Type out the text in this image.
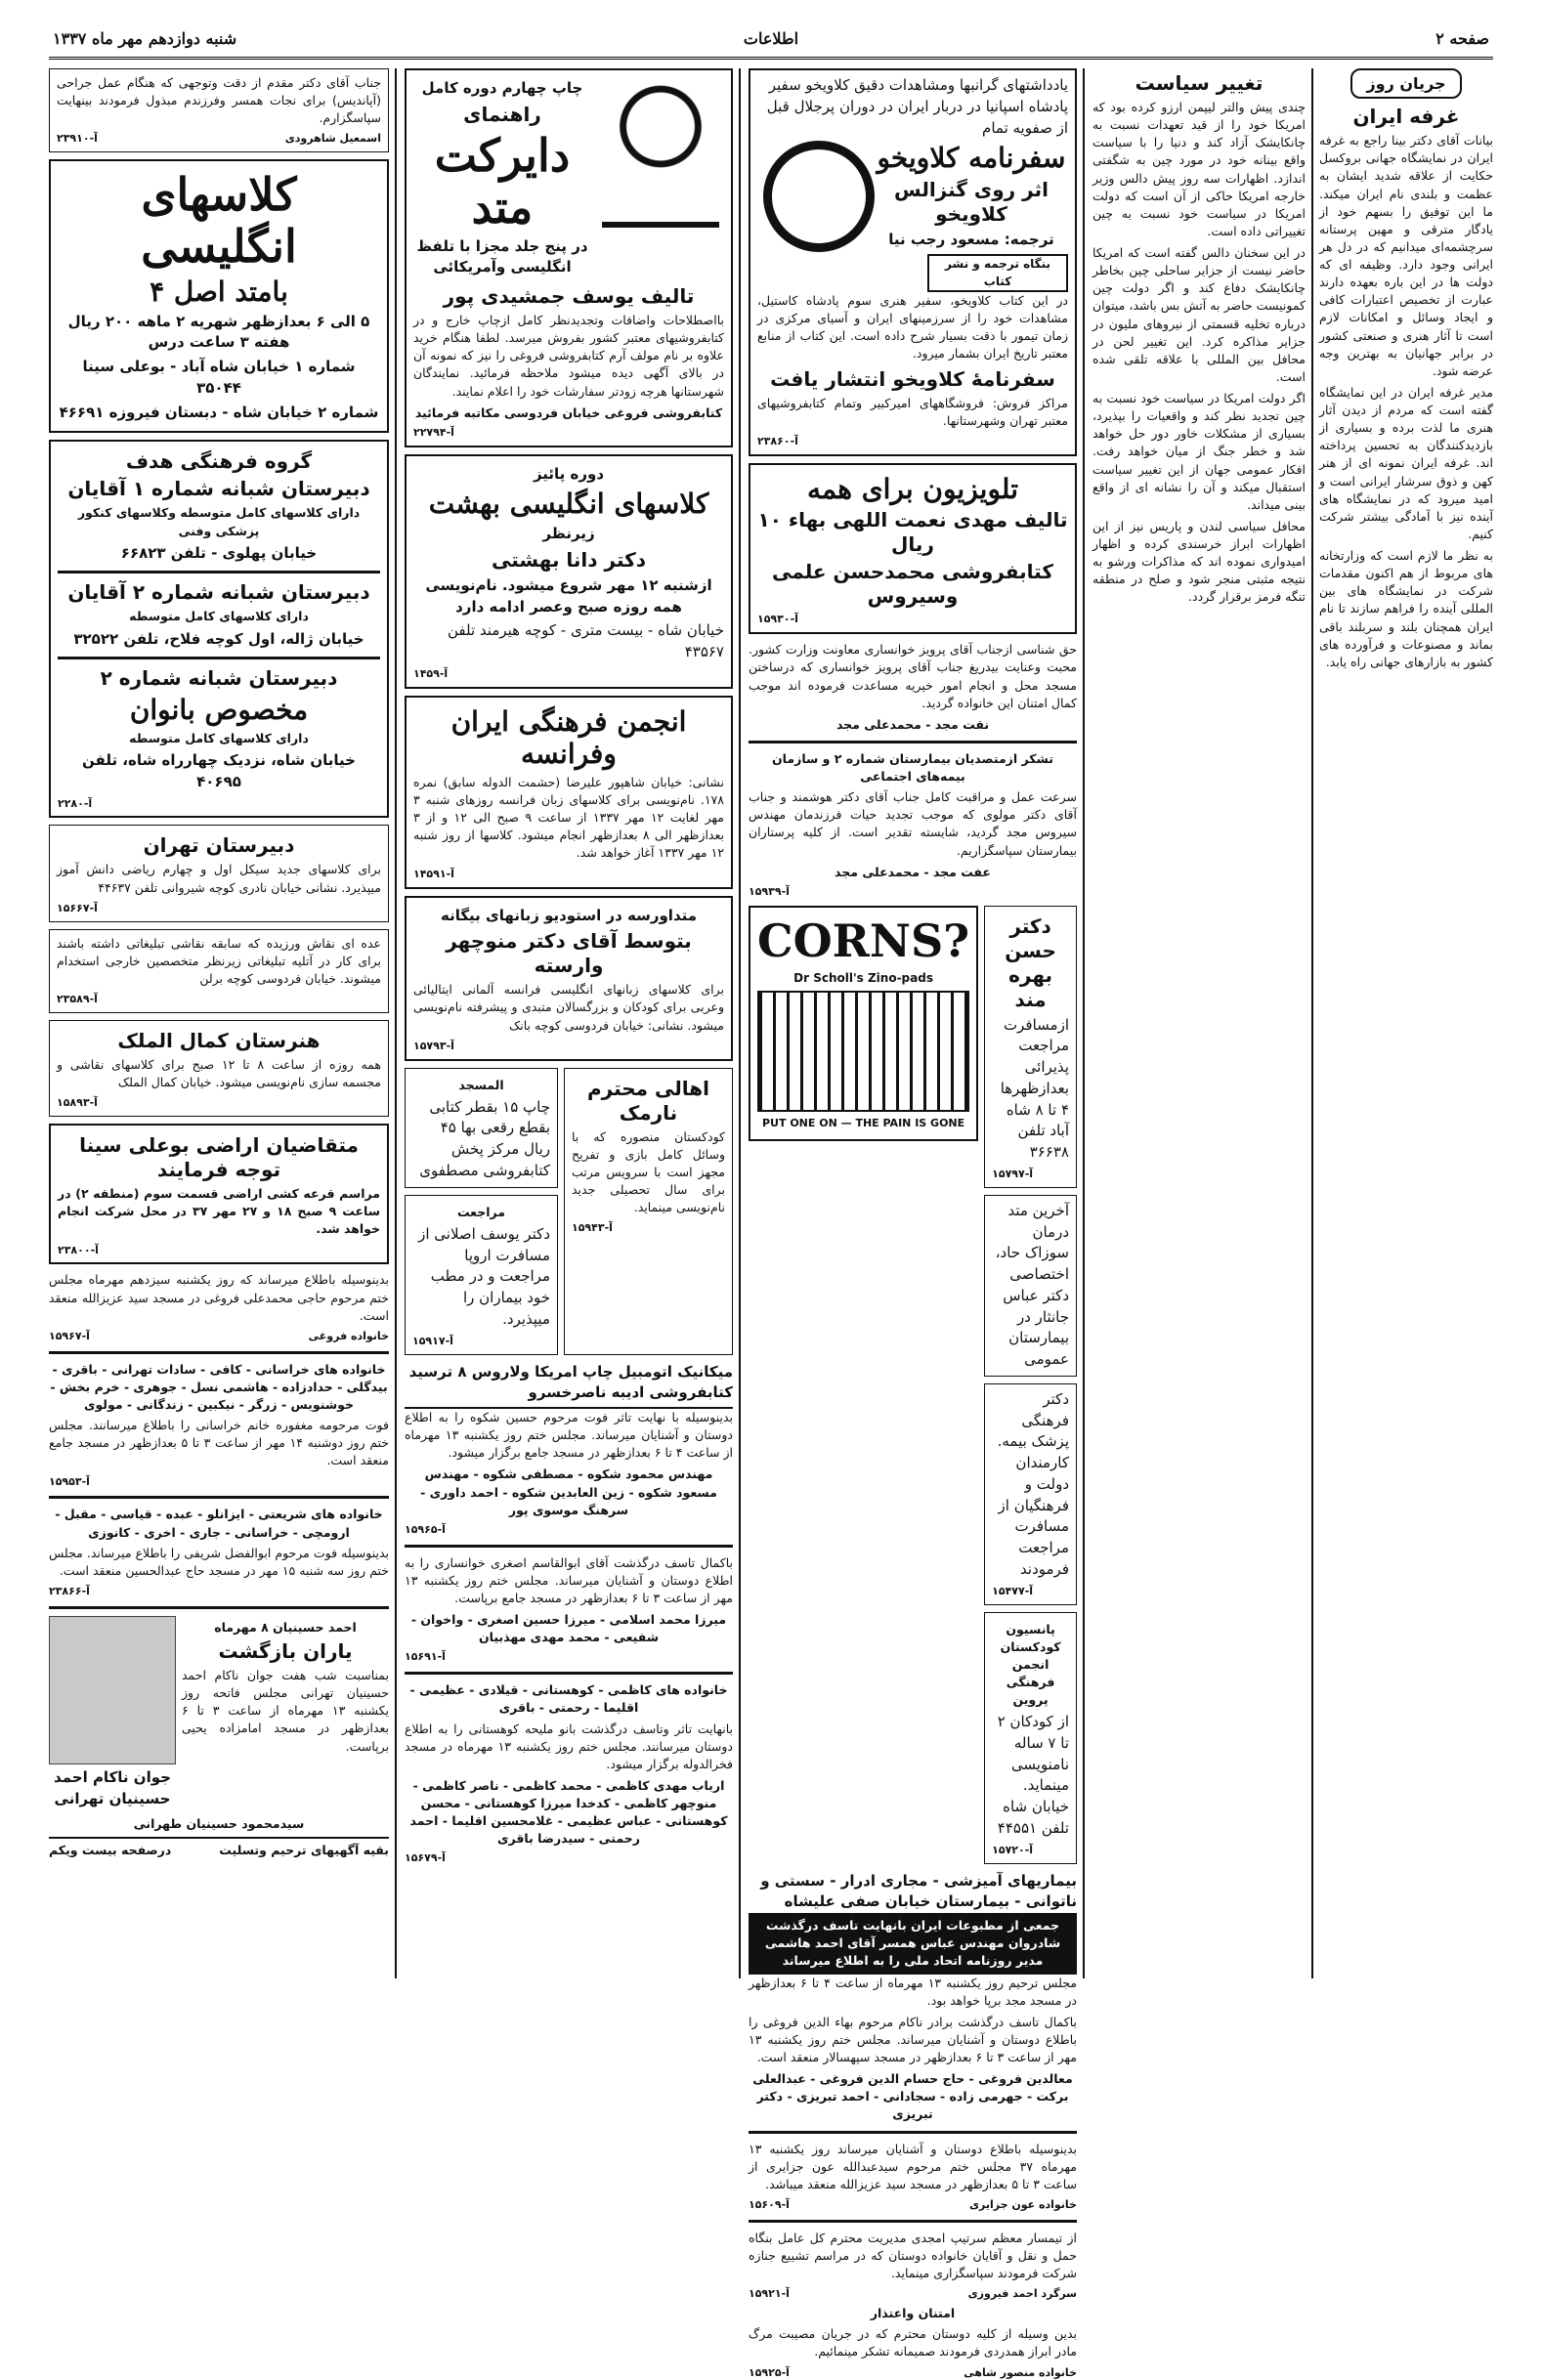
صفحه ۲
اطلاعات
شنبه دوازدهم مهر ماه ۱۳۳۷
جریان روز
غرفه ایران

بیانات آقای دکتر بینا راجع به غرفه ایران در نمایشگاه جهانی بروکسل حکایت از علاقه شدید ایشان به عظمت و بلندی نام ایران میکند. ما این توفیق را بسهم خود از یادگار مترقی و مهین پرستانه سرچشمه‌ای میدانیم که در دل هر ایرانی وجود دارد. وظیفه ای که دولت ها در این باره بعهده دارند عبارت از تخصیص اعتبارات کافی و ایجاد وسائل و امکانات لازم است تا آثار هنری و صنعتی کشور در برابر جهانیان به بهترین وجه عرضه شود.

مدیر غرفه ایران در این نمایشگاه گفته است که مردم از دیدن آثار هنری ما لذت برده و بسیاری از بازدیدکنندگان به تحسین پرداخته اند. غرفه ایران نمونه ای از هنر کهن و ذوق سرشار ایرانی است و امید میرود که در نمایشگاه های آینده نیز با آمادگی بیشتر شرکت کنیم.

به نظر ما لازم است که وزارتخانه های مربوط از هم اکنون مقدمات شرکت در نمایشگاه های بین المللی آینده را فراهم سازند تا نام ایران همچنان بلند و سربلند باقی بماند و مصنوعات و فرآورده های کشور به بازارهای جهانی راه یابد.

تغییر سیاست

چندی پیش والتر لیپمن ارزو کرده بود که امریکا خود را از قید تعهدات نسبت به چانکایشک آزاد کند و دنیا را با سیاست واقع بینانه خود در مورد چین به شگفتی اندازد. اظهارات سه روز پیش دالس وزیر خارجه امریکا حاکی از آن است که دولت امریکا در سیاست خود نسبت به چین تغییراتی داده است.

در این سخنان دالس گفته است که امریکا حاضر نیست از جزایر ساحلی چین بخاطر چانکایشک دفاع کند و اگر دولت چین کمونیست حاضر به آتش بس باشد، میتوان درباره تخلیه قسمتی از نیروهای ملیون در جزایر مذاکره کرد. این تغییر لحن در محافل بین المللی با علاقه تلقی شده است.

اگر دولت امریکا در سیاست خود نسبت به چین تجدید نظر کند و واقعیات را بپذیرد، بسیاری از مشکلات خاور دور حل خواهد شد و خطر جنگ از میان خواهد رفت. افکار عمومی جهان از این تغییر سیاست استقبال میکند و آن را نشانه ای از واقع بینی میداند.

محافل سیاسی لندن و پاریس نیز از این اظهارات ابراز خرسندی کرده و اظهار امیدواری نموده اند که مذاکرات ورشو به نتیجه مثبتی منجر شود و صلح در منطقه تنگه فرمز برقرار گردد.

یادداشتهای گرانبها ومشاهدات دقیق کلاویخو سفیر پادشاه اسپانیا در دربار ایران در دوران پرجلال قبل از صفویه تمام
سفرنامه کلاویخو
اثر روی گنزالس کلاویخو
ترجمه: مسعود رجب نیا
بنگاه ترجمه و نشر کتاب

در این کتاب کلاویخو، سفیر هنری سوم پادشاه کاستیل، مشاهدات خود را از سرزمینهای ایران و آسیای مرکزی در زمان تیمور با دقت بسیار شرح داده است. این کتاب از منابع معتبر تاریخ ایران بشمار میرود.

سفرنامهٔ کلاویخو انتشار یافت

مراکز فروش: فروشگاههای امیرکبیر وتمام کتابفروشیهای معتبر تهران وشهرستانها.

آ-۲۳۸۶۰
تلویزیون برای همه
تالیف مهدی نعمت اللهی بهاء ۱۰ ریال
کتابفروشی محمدحسن علمی وسیروس
آ-۱۵۹۳۰

حق شناسی ازجناب آقای پرویز خوانساری معاونت وزارت کشور. محبت وعنایت بیدریغ جناب آقای پرویز خوانساری که درساختن مسجد محل و انجام امور خیریه مساعدت فرموده اند موجب کمال امتنان این خانواده گردید.

نقت مجد - محمدعلی مجد
تشکر ازمتصدیان بیمارستان شماره ۲ و سازمان بیمه‌های اجتماعی

سرعت عمل و مراقبت کامل جناب آقای دکتر هوشمند و جناب آقای دکتر مولوی که موجب تجدید حیات فرزندمان مهندس سیروس مجد گردید، شایسته تقدیر است. از کلیه پرستاران بیمارستان سپاسگزاریم.

عفت مجد - محمدعلی مجد
آ-۱۵۹۳۹
دکتر حسن بهره مند
ازمسافرت مراجعت پذیرائی بعدازظهرها ۴ تا ۸ شاه آباد تلفن ۳۶۶۳۸
آ-۱۵۷۹۷
آخرین متد درمان سوزاک حاد، اختصاصی دکتر عباس جانثار در بیمارستان عمومی
دکتر فرهنگی پزشک بیمه. کارمندان دولت و فرهنگیان از مسافرت مراجعت فرمودند
آ-۱۵۴۷۷
پانسیون کودکستان انجمن فرهنگی پروین
از کودکان ۲ تا ۷ ساله نامنویسی مینماید. خیابان شاه تلفن ۴۴۵۵۱
آ-۱۵۷۲۰
CORNS?
Dr Scholl's Zino-pads
PUT ONE ON — THE PAIN IS GONE
بیماریهای آمیزشی - مجاری ادرار - سستی و ناتوانی - بیمارستان خیابان صفی علیشاه
جمعی از مطبوعات ایران بانهایت تاسف درگذشت شادروان مهندس عباس همسر آقای احمد هاشمی مدیر روزنامه اتحاد ملی را به اطلاع میرساند

مجلس ترحیم روز یکشنبه ۱۳ مهرماه از ساعت ۴ تا ۶ بعدازظهر در مسجد مجد برپا خواهد بود.

باکمال تاسف درگذشت برادر ناکام مرحوم بهاء الدین فروغی را باطلاع دوستان و آشنایان میرساند. مجلس ختم روز یکشنبه ۱۳ مهر از ساعت ۳ تا ۶ بعدازظهر در مسجد سپهسالار منعقد است.

معالدین فروغی - حاج حسام الدین فروغی - عبدالعلی برکت - جهرمی زاده - سجادانی - احمد تبریزی - دکتر تبریزی

بدینوسیله باطلاع دوستان و آشنایان میرساند روز یکشنبه ۱۳ مهرماه ۳۷ مجلس ختم مرحوم سیدعبدالله عون جزایری از ساعت ۳ تا ۵ بعدازظهر در مسجد سید عزیزالله منعقد میباشد.

آ-۱۵۶۰۹	خانواده عون جزایری

از تیمسار معظم سرتیپ امجدی مدیریت محترم کل عامل بنگاه حمل و نقل و آقایان خانواده دوستان که در مراسم تشییع جنازه شرکت فرمودند سپاسگزاری مینماید.

آ-۱۵۹۲۱	سرگرد احمد فیروزی
امتنان واعتذار

بدین وسیله از کلیه دوستان محترم که در جریان مصیبت مرگ مادر ابراز همدردی فرمودند صمیمانه تشکر مینمائیم.

آ-۱۵۹۲۵	خانواده منصور شاهی
چاپ چهارم دوره کامل
راهنمای
دایرکت متد
در پنج جلد مجزا با تلفظ انگلیسی وآمریکائی
تالیف یوسف جمشیدی پور

بااصطلاحات واضافات وتجدیدنظر کامل ازچاپ خارج و در کتابفروشیهای معتبر کشور بفروش میرسد. لطفا هنگام خرید علاوه بر نام مولف آرم کتابفروشی فروغی را نیز که نمونه آن در بالای آگهی دیده میشود ملاحظه فرمائید. نمایندگان شهرستانها هرچه زودتر سفارشات خود را اعلام نمایند.

کتابفروشی فروغی خیابان فردوسی مکاتبه فرمائید
آ-۲۲۷۹۴
دوره پائیز
کلاسهای انگلیسی بهشت
زیرنظر
دکتر دانا بهشتی
ازشنبه ۱۲ مهر شروع میشود. نام‌نویسی همه روزه صبح وعصر ادامه دارد
خیابان شاه - بیست متری - کوچه هیرمند تلفن ۴۳۵۶۷
آ-۱۴۵۹
انجمن فرهنگی ایران وفرانسه

نشانی: خیابان شاهپور علیرضا (حشمت الدوله سابق) نمره ۱۷۸. نام‌نویسی برای کلاسهای زبان فرانسه روزهای شنبه ۳ مهر لغایت ۱۲ مهر ۱۳۳۷ از ساعت ۹ صبح الی ۱۲ و از ۳ بعدازظهر الی ۸ بعدازظهر انجام میشود. کلاسها از روز شنبه ۱۲ مهر ۱۳۳۷ آغاز خواهد شد.

آ-۱۴۵۹۱
متداورسه در استودیو زبانهای بیگانه
بتوسط آقای دکتر منوچهر وارسته

برای کلاسهای زبانهای انگلیسی فرانسه آلمانی ایتالیائی وعربی برای کودکان و بزرگسالان متبدی و پیشرفته نام‌نویسی میشود. نشانی: خیابان فردوسی کوچه بانک

آ-۱۵۷۹۳
اهالی محترم نارمک

کودکستان منصوره که با وسائل کامل بازی و تفریح مجهز است با سرویس مرتب برای سال تحصیلی جدید نام‌نویسی مینماید.

آ-۱۵۹۴۳
المسجد
چاپ ۱۵ بقطر کتابی بقطع رقعی بها ۴۵ ریال مرکز پخش کتابفروشی مصطفوی
مراجعت
دکتر یوسف اصلانی از مسافرت اروپا مراجعت و در مطب خود بیماران را میپذیرد.
آ-۱۵۹۱۷
میکانیک اتومبیل چاپ امریکا ولاروس ۸ ترسید کتابفروشی ادیبه ناصرخسرو

بدینوسیله با نهایت تاثر فوت مرحوم حسین شکوه را به اطلاع دوستان و آشنایان میرساند. مجلس ختم روز یکشنبه ۱۳ مهرماه از ساعت ۴ تا ۶ بعدازظهر در مسجد جامع برگزار میشود.

مهندس محمود شکوه - مصطفی شکوه - مهندس مسعود شکوه - زین العابدین شکوه - احمد داوری - سرهنگ موسوی پور
آ-۱۵۹۶۵

باکمال تاسف درگذشت آقای ابوالقاسم اصغری خوانساری را به اطلاع دوستان و آشنایان میرساند. مجلس ختم روز یکشنبه ۱۳ مهر از ساعت ۳ تا ۶ بعدازظهر در مسجد جامع برپاست.

میرزا محمد اسلامی - میرزا حسین اصغری - واخوان - شفیعی - محمد مهدی مهذبیان
آ-۱۵۶۹۱
خانواده های کاظمی - کوهستانی - قیلادی - عظیمی - اقلیما - رحمتی - باقری

بانهایت تاثر وتاسف درگذشت بانو ملیحه کوهستانی را به اطلاع دوستان میرسانند. مجلس ختم روز یکشنبه ۱۳ مهرماه در مسجد فخرالدوله برگزار میشود.

ارباب مهدی کاظمی - محمد کاظمی - ناصر کاظمی - منوچهر کاظمی - کدخدا میرزا کوهستانی - محسن کوهستانی - عباس عظیمی - غلامحسین اقلیما - احمد رحمتی - سیدرضا باقری
آ-۱۵۶۷۹

جناب آقای دکتر مقدم از دقت وتوجهی که هنگام عمل جراحی (آپاندیس) برای نجات همسر وفرزندم مبذول فرمودند بینهایت سپاسگزارم.

آ-۲۳۹۱۰	اسمعیل شاهرودی
کلاسهای انگلیسی
بامتد اصل ۴
۵ الی ۶ بعدازظهر شهریه ۲ ماهه ۲۰۰ ریال هفته ۳ ساعت درس
شماره ۱ خیابان شاه آباد - بوعلی سینا ۳۵۰۴۴
شماره ۲ خیابان شاه - دبستان فیروزه ۴۶۶۹۱
گروه فرهنگی هدف
دبیرستان شبانه شماره ۱ آقایان
دارای کلاسهای کامل متوسطه وکلاسهای کنکور پزشکی وفنی
خیابان پهلوی - تلفن ۶۶۸۲۳
دبیرستان شبانه شماره ۲ آقایان
دارای کلاسهای کامل متوسطه
خیابان ژاله، اول کوچه فلاح، تلفن ۳۲۵۲۲
دبیرستان شبانه شماره ۲
مخصوص بانوان
دارای کلاسهای کامل متوسطه
خیابان شاه، نزدیک چهارراه شاه، تلفن ۴۰۶۹۵
آ-۲۲۸۰
دبیرستان تهران

برای کلاسهای جدید سیکل اول و چهارم ریاضی دانش آموز میپذیرد. نشانی خیابان نادری کوچه شیروانی تلفن ۴۴۶۳۷

آ-۱۵۶۶۷

عده ای نقاش ورزیده که سابقه نقاشی تبلیغاتی داشته باشند برای کار در آتلیه تبلیغاتی زیرنظر متخصصین خارجی استخدام میشوند. خیابان فردوسی کوچه برلن

آ-۲۳۵۸۹
هنرستان کمال الملک

همه روزه از ساعت ۸ تا ۱۲ صبح برای کلاسهای نقاشی و مجسمه سازی نام‌نویسی میشود. خیابان کمال الملک

آ-۱۵۸۹۳
متقاضیان اراضی بوعلی سینا توجه فرمایند

مراسم قرعه کشی اراضی قسمت سوم (منطقه ۲) در ساعت ۹ صبح ۱۸ و ۲۷ مهر ۳۷ در محل شرکت انجام خواهد شد.

آ-۲۳۸۰۰

بدینوسیله باطلاع میرساند که روز یکشنبه سیزدهم مهرماه مجلس ختم مرحوم حاجی محمدعلی فروغی در مسجد سید عزیزالله منعقد است.

آ-۱۵۹۶۷	خانواده فروغی
خانواده های خراسانی - کافی - سادات تهرانی - باقری - بیدگلی - حدادزاده - هاشمی نسل - جوهری - خرم بخش - خوشنویس - زرگر - نیکبین - زندگانی - مولوی

فوت مرحومه مغفوره خانم خراسانی را باطلاع میرسانند. مجلس ختم روز دوشنبه ۱۴ مهر از ساعت ۳ تا ۵ بعدازظهر در مسجد جامع منعقد است.

آ-۱۵۹۵۳
خانواده های شریعتی - ایزانلو - عبده - قیاسی - مقبل - ارومچی - خراسانی - جاری - اخری - کانوزی

بدینوسیله فوت مرحوم ابوالفضل شریفی را باطلاع میرساند. مجلس ختم روز سه شنبه ۱۵ مهر در مسجد حاج عبدالحسین منعقد است.

آ-۲۳۸۶۶
احمد حسینیان ۸ مهرماه
یاران بازگشت

بمناسبت شب هفت جوان ناکام احمد حسینیان تهرانی مجلس فاتحه روز یکشنبه ۱۳ مهرماه از ساعت ۳ تا ۶ بعدازظهر در مسجد امامزاده یحیی برپاست.

جوان ناکام احمد حسینیان تهرانی
سیدمحمود حسینیان طهرانی
بقیه آگهیهای ترحیم وتسلیت
درصفحه بیست ویکم
